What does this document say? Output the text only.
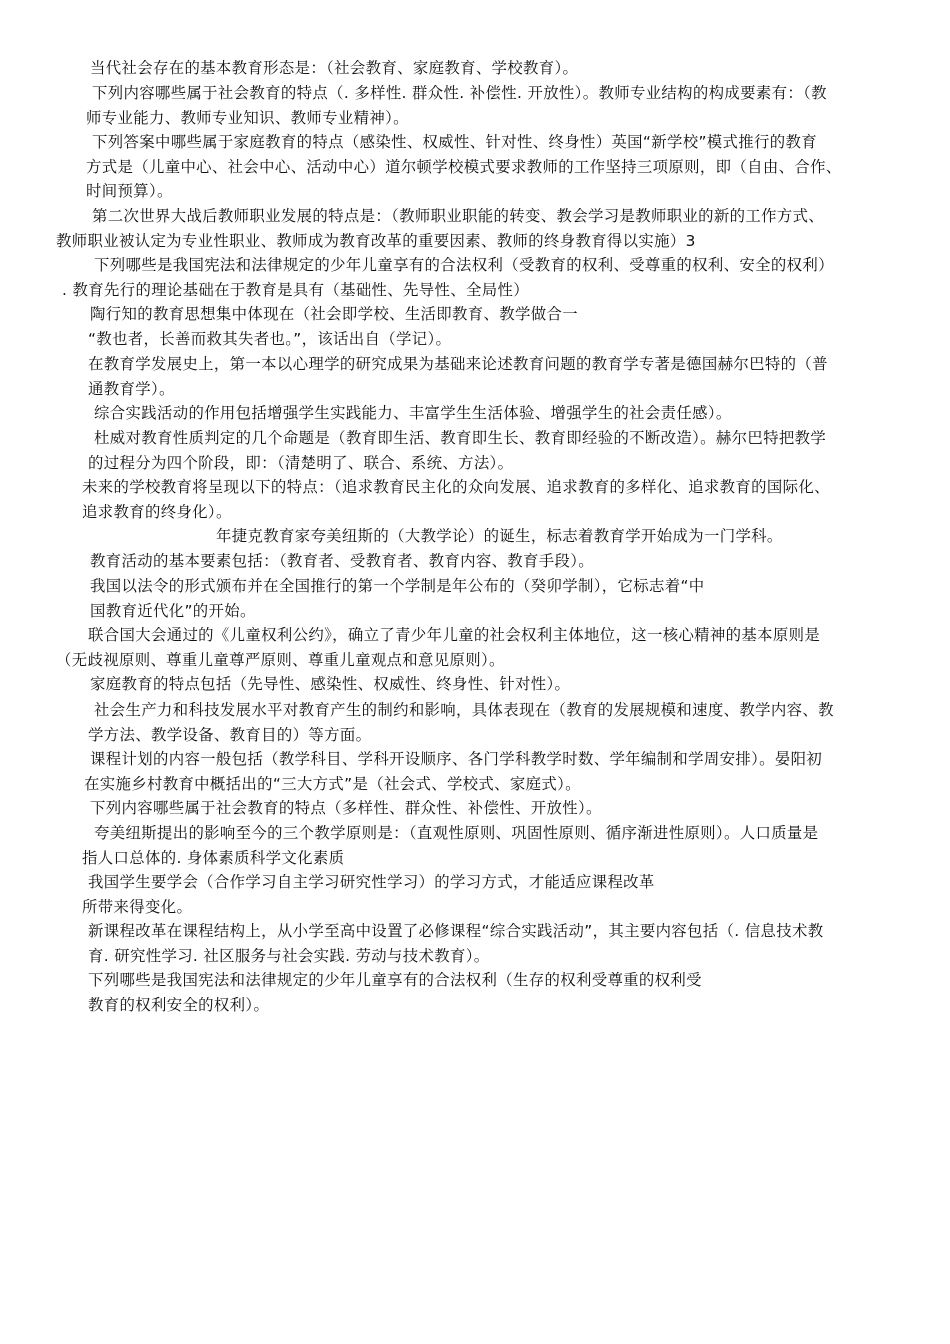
当代社会存在的基本教育形态是：（社会教育、家庭教育、学校教育）。
下列内容哪些属于社会教育的特点（. 多样性. 群众性. 补偿性. 开放性）。教师专业结构的构成要素有：（教
师专业能力、教师专业知识、教师专业精神）。
下列答案中哪些属于家庭教育的特点（感染性、权威性、针对性、终身性）英国“新学校”模式推行的教育
方式是（儿童中心、社会中心、活动中心）道尔顿学校模式要求教师的工作坚持三项原则，即（自由、合作、
时间预算）。
第二次世界大战后教师职业发展的特点是：（教师职业职能的转变、教会学习是教师职业的新的工作方式、
教师职业被认定为专业性职业、教师成为教育改革的重要因素、教师的终身教育得以实施）3
下列哪些是我国宪法和法律规定的少年儿童享有的合法权利（受教育的权利、受尊重的权利、安全的权利）
. 教育先行的理论基础在于教育是具有（基础性、先导性、全局性）
陶行知的教育思想集中体现在（社会即学校、生活即教育、教学做合一
“教也者，长善而救其失者也。”，该话出自（学记）。
在教育学发展史上，第一本以心理学的研究成果为基础来论述教育问题的教育学专著是德国赫尔巴特的（普
通教育学）。
综合实践活动的作用包括增强学生实践能力、丰富学生生活体验、增强学生的社会责任感）。
杜威对教育性质判定的几个命题是（教育即生活、教育即生长、教育即经验的不断改造）。赫尔巴特把教学
的过程分为四个阶段，即：（清楚明了、联合、系统、方法）。
未来的学校教育将呈现以下的特点：（追求教育民主化的众向发展、追求教育的多样化、追求教育的国际化、
追求教育的终身化）。
年捷克教育家夸美纽斯的（大教学论）的诞生，标志着教育学开始成为一门学科。
教育活动的基本要素包括：（教育者、受教育者、教育内容、教育手段）。
我国以法令的形式颁布并在全国推行的第一个学制是年公布的（癸卯学制），它标志着“中
国教育近代化”的开始。
联合国大会通过的《儿童权利公约》，确立了青少年儿童的社会权利主体地位，这一核心精神的基本原则是
（无歧视原则、尊重儿童尊严原则、尊重儿童观点和意见原则）。
家庭教育的特点包括（先导性、感染性、权威性、终身性、针对性）。
社会生产力和科技发展水平对教育产生的制约和影响，具体表现在（教育的发展规模和速度、教学内容、教
学方法、教学设备、教育目的）等方面。
课程计划的内容一般包括（教学科目、学科开设顺序、各门学科教学时数、学年编制和学周安排）。晏阳初
在实施乡村教育中概括出的“三大方式”是（社会式、学校式、家庭式）。
下列内容哪些属于社会教育的特点（多样性、群众性、补偿性、开放性）。
夸美纽斯提出的影响至今的三个教学原则是：（直观性原则、巩固性原则、循序渐进性原则）。人口质量是
指人口总体的. 身体素质科学文化素质
我国学生要学会（合作学习自主学习研究性学习）的学习方式，才能适应课程改革
所带来得变化。
新课程改革在课程结构上，从小学至高中设置了必修课程“综合实践活动”，其主要内容包括（. 信息技术教
育. 研究性学习. 社区服务与社会实践. 劳动与技术教育）。
下列哪些是我国宪法和法律规定的少年儿童享有的合法权利（生存的权利受尊重的权利受
教育的权利安全的权利）。
